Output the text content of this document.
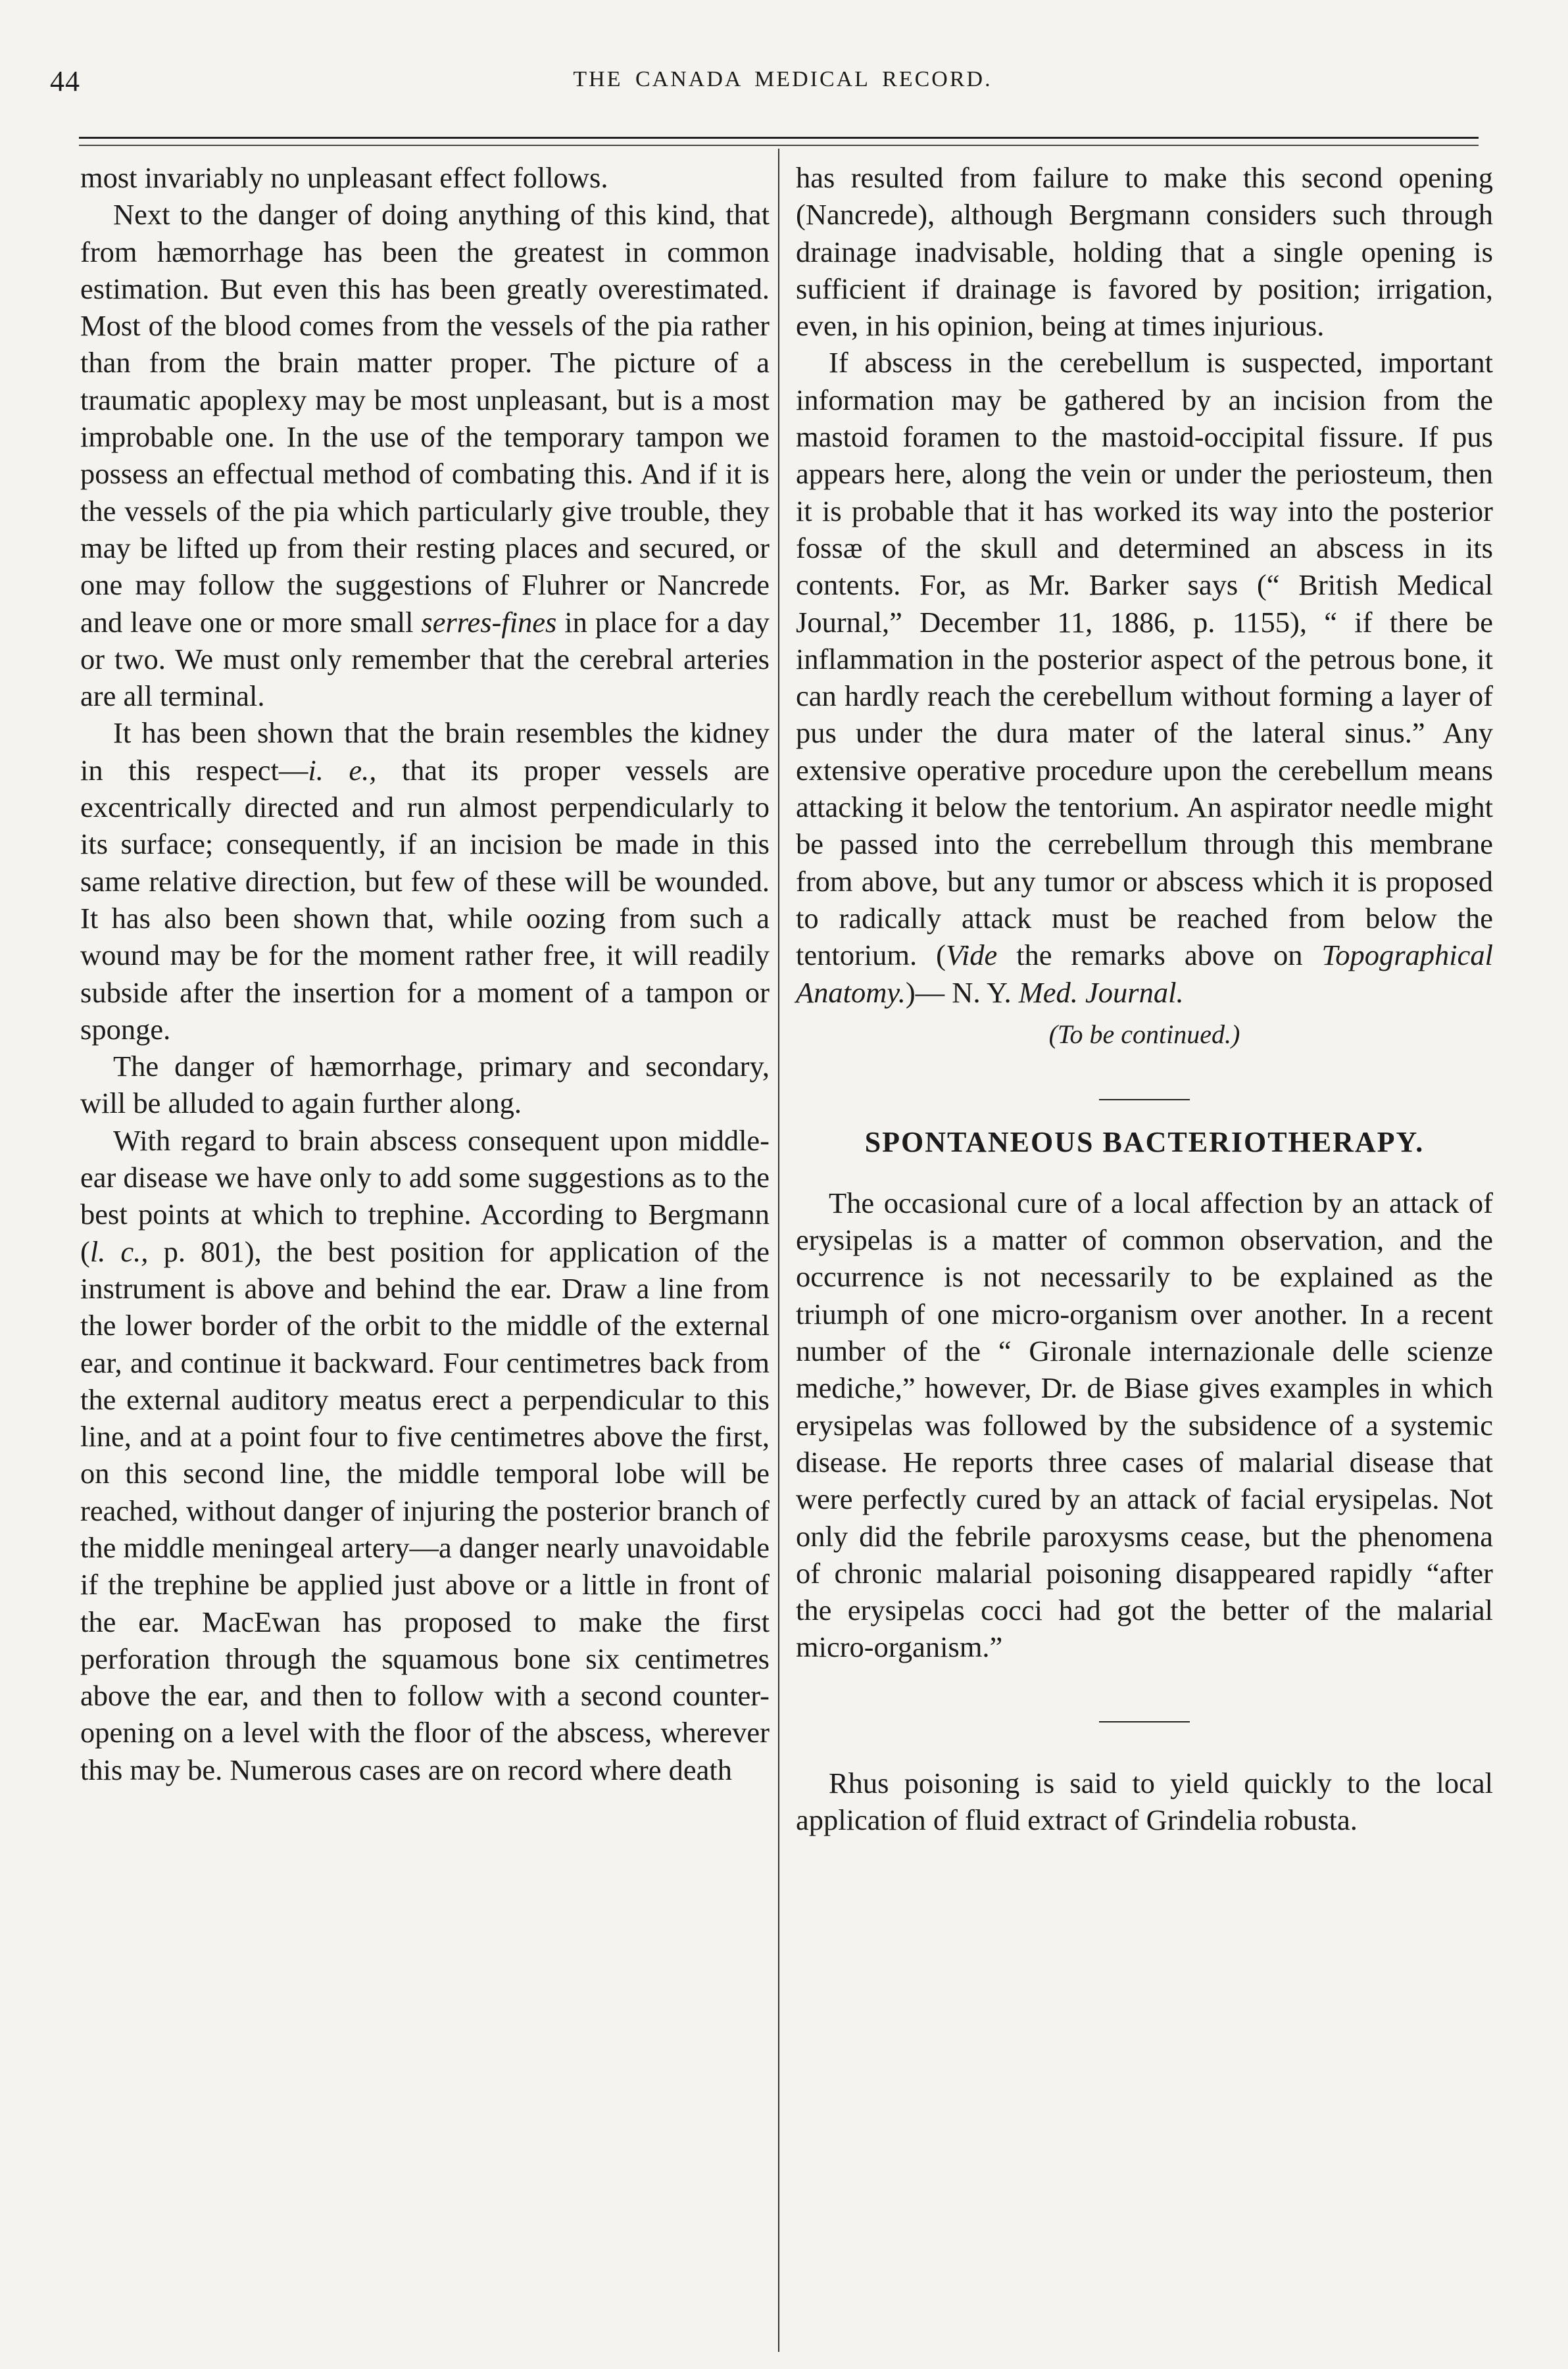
44	THE CANADA MEDICAL RECORD.

most invariably no unpleasant effect follows.

Next to the danger of doing anything of this kind, that from hæmorrhage has been the greatest in common estimation. But even this has been greatly overestimated. Most of the blood comes from the vessels of the pia rather than from the brain matter proper. The picture of a traumatic apoplexy may be most unpleasant, but is a most improbable one. In the use of the temporary tampon we possess an effectual method of combating this. And if it is the vessels of the pia which particularly give trouble, they may be lifted up from their resting places and secured, or one may follow the suggestions of Fluhrer or Nancrede and leave one or more small serres-fines in place for a day or two. We must only remember that the cerebral arteries are all terminal.

It has been shown that the brain resembles the kidney in this respect—i. e., that its proper vessels are excentrically directed and run almost perpendicularly to its surface; consequently, if an incision be made in this same relative direction, but few of these will be wounded. It has also been shown that, while oozing from such a wound may be for the moment rather free, it will readily subside after the insertion for a moment of a tampon or sponge.

The danger of hæmorrhage, primary and secondary, will be alluded to again further along.

With regard to brain abscess consequent upon middle-ear disease we have only to add some suggestions as to the best points at which to trephine. According to Bergmann (l. c., p. 801), the best position for application of the instrument is above and behind the ear. Draw a line from the lower border of the orbit to the middle of the external ear, and continue it backward. Four centimetres back from the external auditory meatus erect a perpendicular to this line, and at a point four to five centimetres above the first, on this second line, the middle temporal lobe will be reached, without danger of injuring the posterior branch of the middle meningeal artery—a danger nearly unavoidable if the trephine be applied just above or a little in front of the ear. MacEwan has proposed to make the first perforation through the squamous bone six centimetres above the ear, and then to follow with a second counter-opening on a level with the floor of the abscess, wherever this may be. Numerous cases are on record where death

has resulted from failure to make this second opening (Nancrede), although Bergmann considers such through drainage inadvisable, holding that a single opening is sufficient if drainage is favored by position; irrigation, even, in his opinion, being at times injurious.

If abscess in the cerebellum is suspected, important information may be gathered by an incision from the mastoid foramen to the mastoid-occipital fissure. If pus appears here, along the vein or under the periosteum, then it is probable that it has worked its way into the posterior fossæ of the skull and determined an abscess in its contents. For, as Mr. Barker says (“ British Medical Journal,” December 11, 1886, p. 1155), “ if there be inflammation in the posterior aspect of the petrous bone, it can hardly reach the cerebellum without forming a layer of pus under the dura mater of the lateral sinus.” Any extensive operative procedure upon the cerebellum means attacking it below the tentorium. An aspirator needle might be passed into the cerrebellum through this membrane from above, but any tumor or abscess which it is proposed to radically attack must be reached from below the tentorium. (Vide the remarks above on Topographical Anatomy.)— N. Y. Med. Journal.

(To be continued.)

SPONTANEOUS BACTERIOTHERAPY.

The occasional cure of a local affection by an attack of erysipelas is a matter of common observation, and the occurrence is not necessarily to be explained as the triumph of one micro-organism over another. In a recent number of the “ Gironale internazionale delle scienze mediche,” however, Dr. de Biase gives examples in which erysipelas was followed by the subsidence of a systemic disease. He reports three cases of malarial disease that were perfectly cured by an attack of facial erysipelas. Not only did the febrile paroxysms cease, but the phenomena of chronic malarial poisoning disappeared rapidly “after the erysipelas cocci had got the better of the malarial micro-organism.”

Rhus poisoning is said to yield quickly to the local application of fluid extract of Grindelia robusta.
